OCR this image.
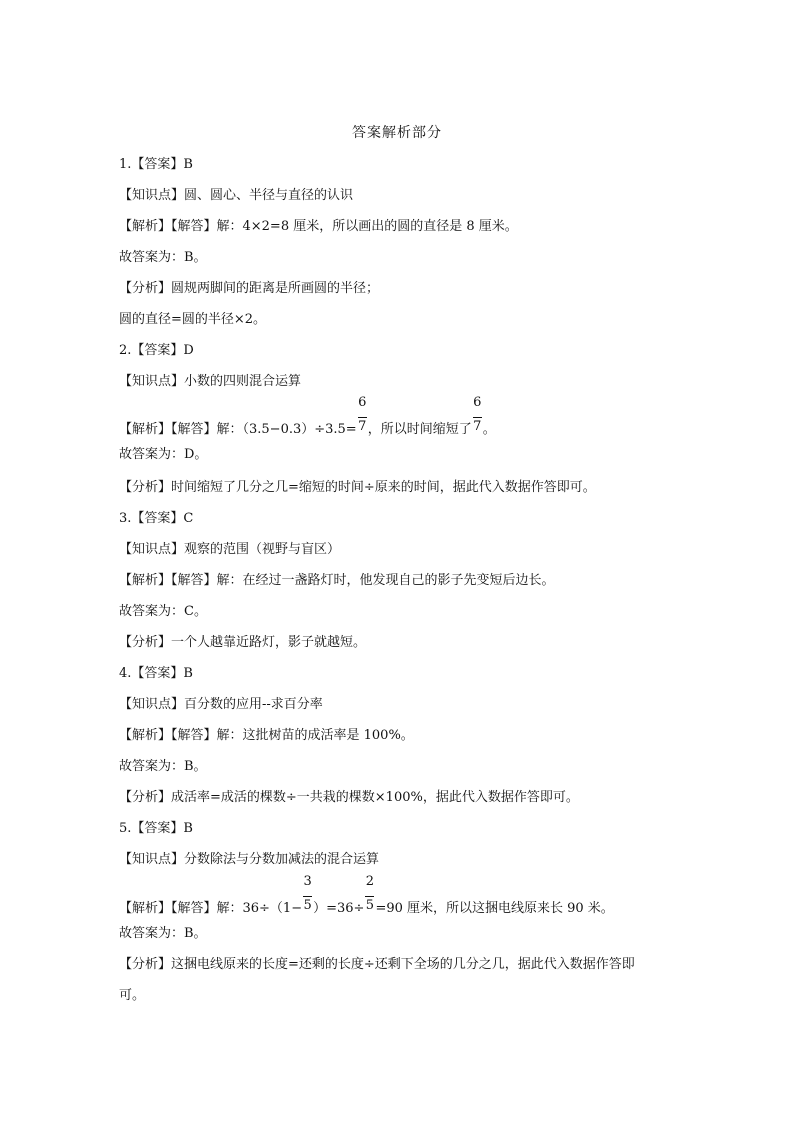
答案解析部分
1.【答案】B
【知识点】圆、圆心、半径与直径的认识
【解析】【解答】解：4×2=8 厘米，所以画出的圆的直径是 8 厘米。
故答案为：B。
【分析】圆规两脚间的距离是所画圆的半径；
圆的直径=圆的半径×2。
2.【答案】D
【知识点】小数的四则混合运算
【解析】【解答】解：$(3.5-0.3)\div 3.5= \frac{6}{7}$ ，所以时间缩短了 $\frac{6}{7}$ 。
故答案为：D。
【分析】时间缩短了几分之几=缩短的时间÷原来的时间，据此代入数据作答即可。
3.【答案】C
【知识点】观察的范围（视野与盲区）
【解析】【解答】解：在经过一盏路灯时，他发现自己的影子先变短后边长。
故答案为：C。
【分析】一个人越靠近路灯，影子就越短。
4.【答案】B
【知识点】百分数的应用--求百分率
【解析】【解答】解：这批树苗的成活率是 100%。
故答案为：B。
【分析】成活率=成活的棵数÷一共栽的棵数×100%，据此代入数据作答即可。
5.【答案】B
【知识点】分数除法与分数加减法的混合运算
【解析】【解答】解：$36\div(1- \frac{3}{5} )=36\div \frac{2}{5} =90$ 厘米，所以这捆电线原来长 90 米。
故答案为：B。
【分析】这捆电线原来的长度=还剩的长度÷还剩下全场的几分之几，据此代入数据作答即
可。
